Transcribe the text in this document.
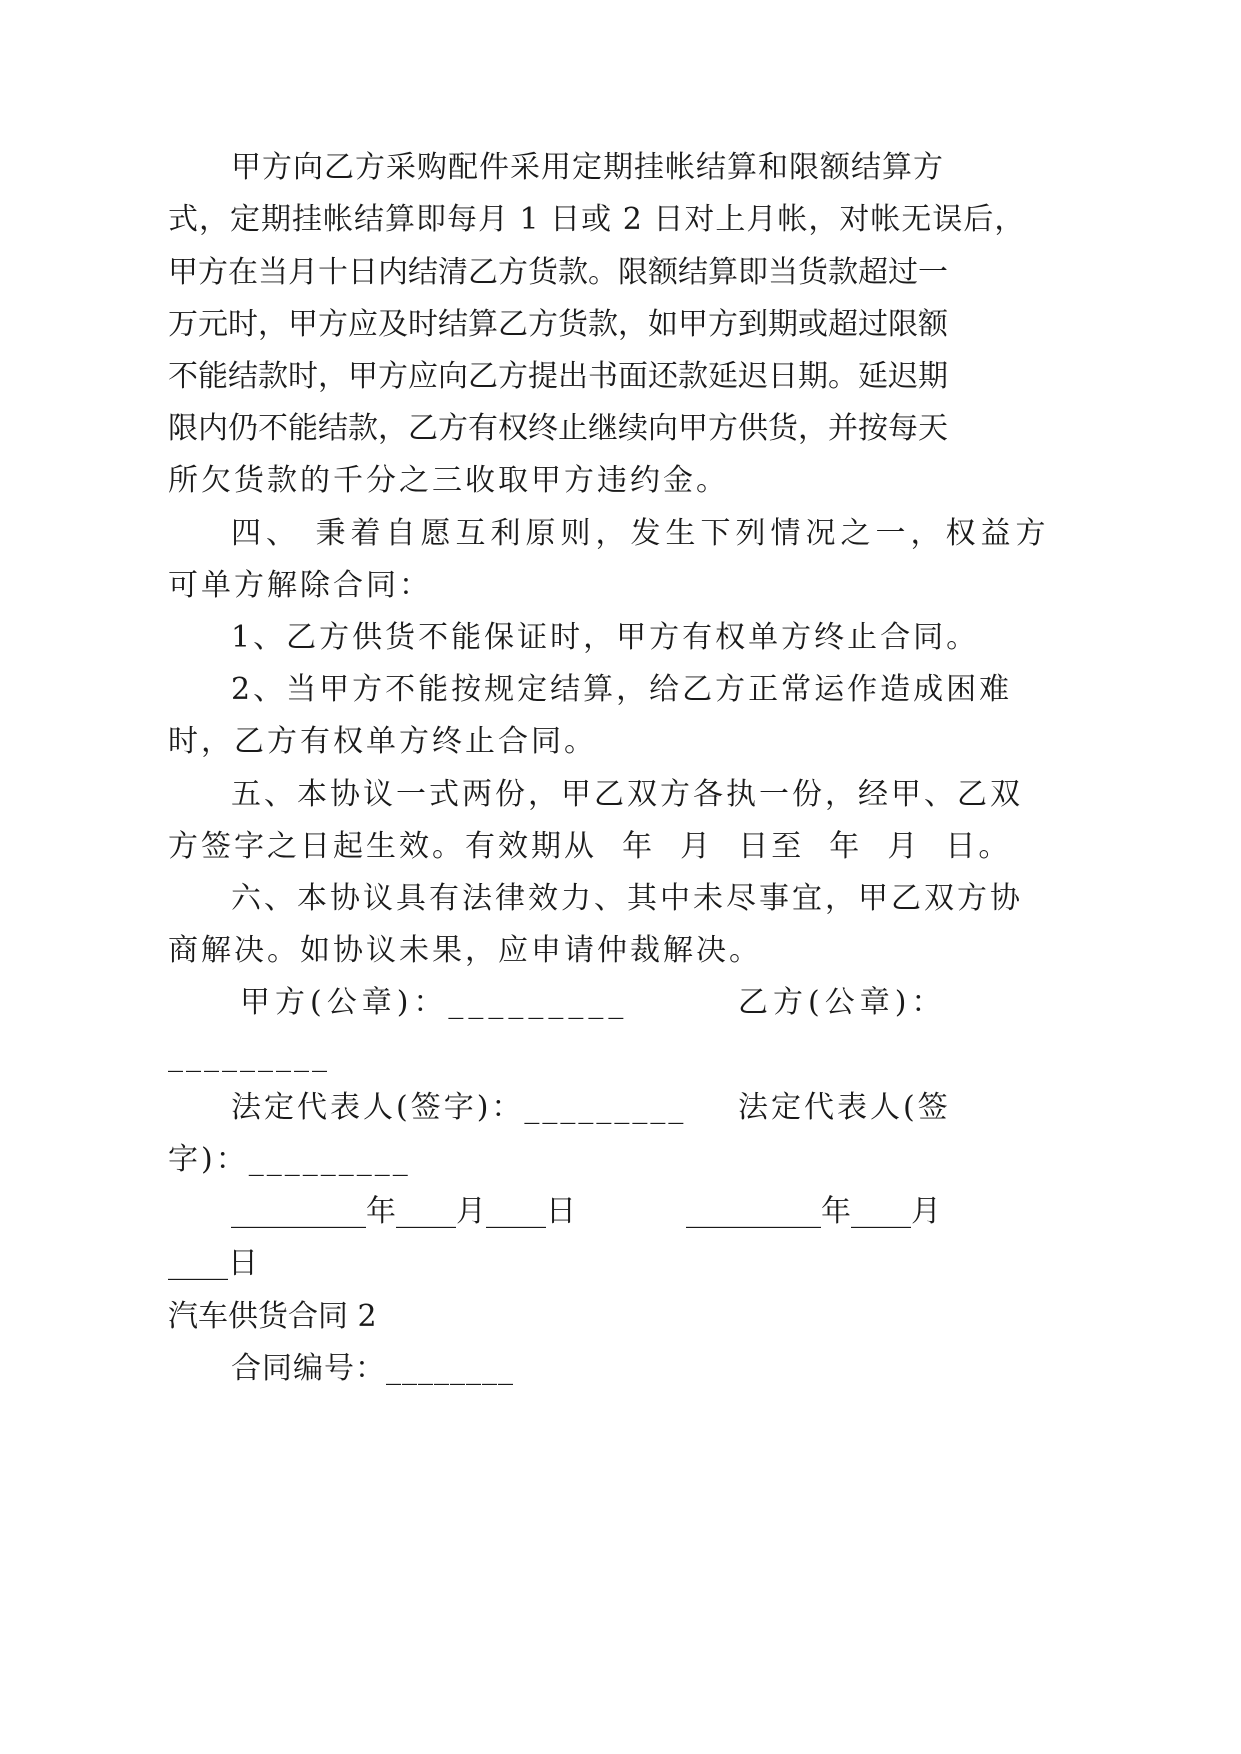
甲 方 向 乙 方 采 购 配 件 采 用 定 期 挂 帐 结 算 和 限 额 结 算 方
式，定期挂帐结算即每月 1 日或 2 日对上月帐，对帐无误后，
甲 方 在 当 月 十 日 内 结 清 乙 方 货 款 。 限 额 结 算 即 当 货 款 超 过 一
万 元 时 ， 甲 方 应 及 时 结 算 乙 方 货 款 ， 如 甲 方 到 期 或 超 过 限 额
不 能 结 款 时 ， 甲 方 应 向 乙 方 提 出 书 面 还 款 延 迟 日 期 。 延 迟 期
限 内 仍 不 能 结 款 ， 乙 方 有 权 终 止 继 续 向 甲 方 供 货 ， 并 按 每 天
所欠货款的千分之三收取甲方违约金。
四、 秉着自愿互利原则，发生下列情况之一，权益方
可单方解除合同：
1、乙方供货不能保证时，甲方有权单方终止合同。
2、当甲方不能按规定结算，给乙方正常运作造成困难
时，乙方有权单方终止合同。
五、本协议一式两份，甲乙双方各执一份，经甲、乙双
方签字之日起生效。有效期从  年  月  日至  年  月  日。
六、本协议具有法律效力、其中未尽事宜，甲乙双方协
商解决。如协议未果，应申请仲裁解决。
甲方(公章)：_________	乙方(公章)：
_________
法定代表人(签字)：_________ 法定代表人(签
字)：_________
_________年____月____日	_________年____月
____日
汽车供货合同 2
合同编号：________
